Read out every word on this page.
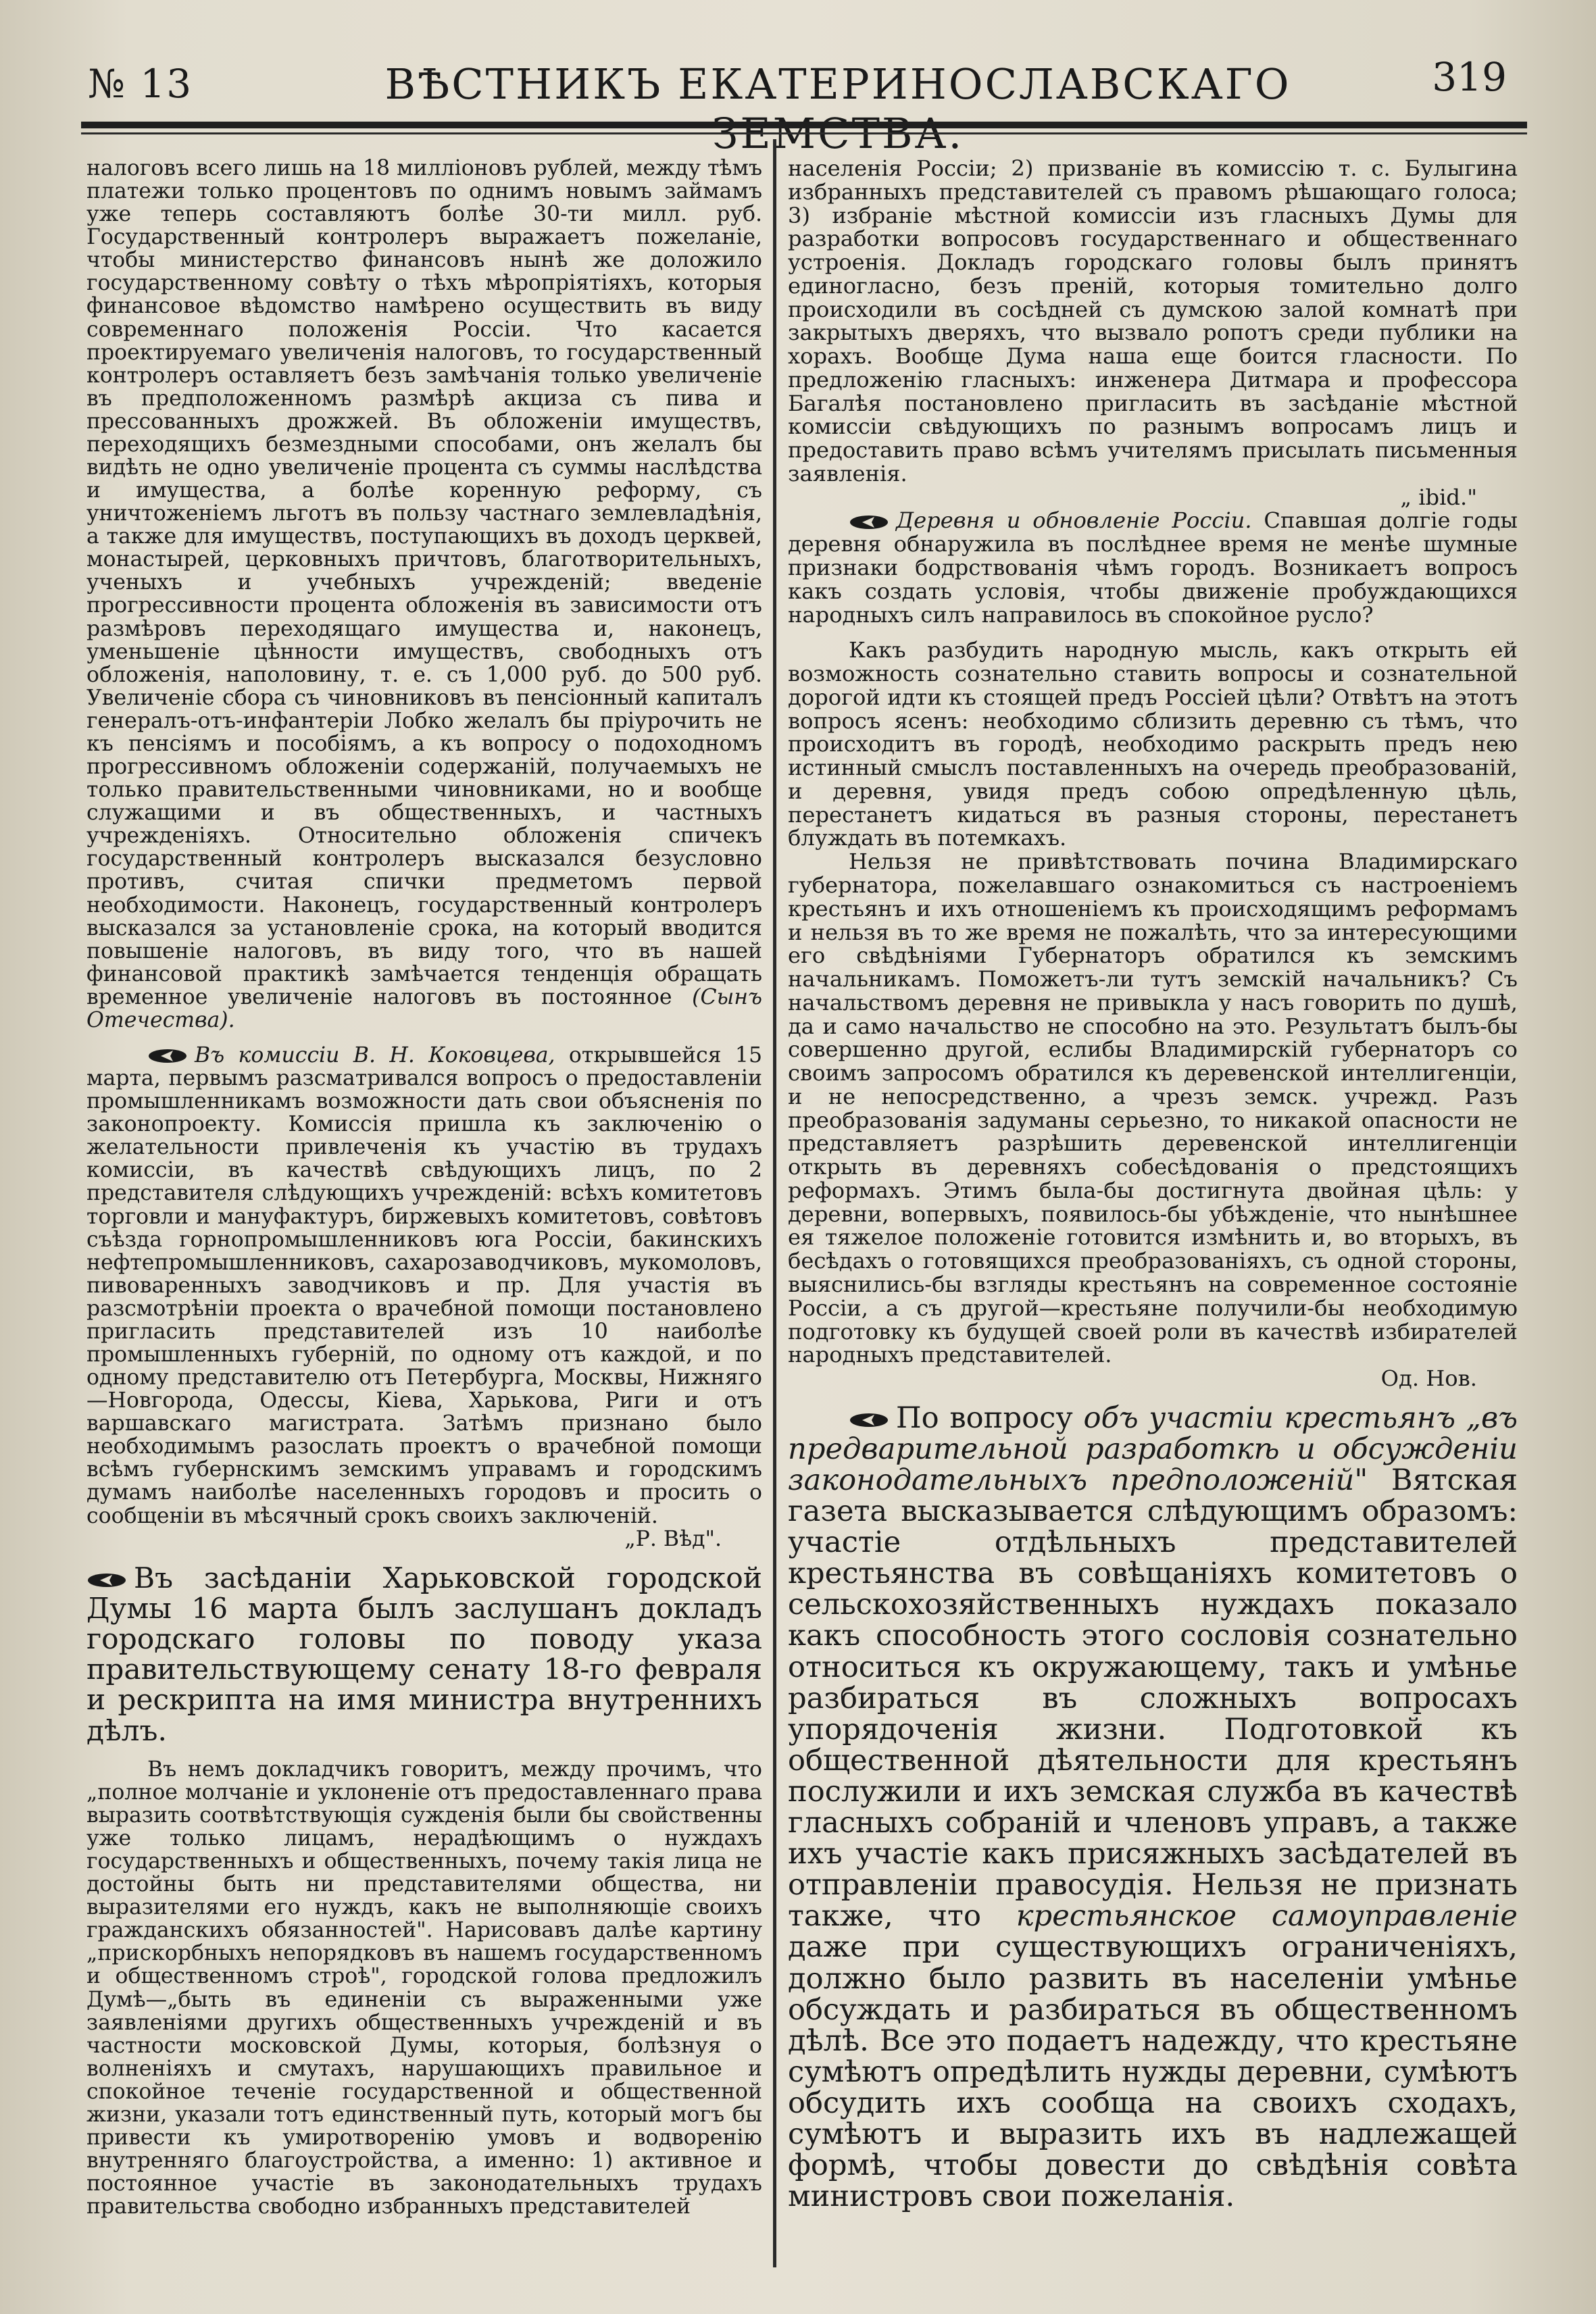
№ 13	ВѢСТНИКЪ ЕКАТЕРИНОСЛАВСКАГО	319

налоговъ всего лишь на 18 милліоновъ рублей, между тѣмъ платежи только процентовъ по однимъ новымъ займамъ уже теперь составляютъ болѣе 30-ти милл. руб. Государственный контролеръ выражаетъ пожеланіе, чтобы министерство финансовъ нынѣ же доложило государственному совѣту о тѣхъ мѣропріятіяхъ, которыя финансовое вѣдомство намѣрено осуществить въ виду современнаго положенія Россіи. Что касается проектируемаго увеличенія налоговъ, то государственный контролеръ оставляетъ безъ замѣчанія только увеличеніе въ предположенномъ размѣрѣ акциза съ пива и прессованныхъ дрожжей. Въ обложеніи имуществъ, переходящихъ безмездными способами, онъ желалъ бы видѣть не одно увеличеніе процента съ суммы наслѣдства и имущества, а болѣе коренную реформу, съ уничтоженіемъ льготъ въ пользу частнаго землевладѣнія, а также для имуществъ, поступающихъ въ доходъ церквей, монастырей, церковныхъ причтовъ, благотворительныхъ, ученыхъ и учебныхъ учрежденій; введеніе прогрессивности процента обложенія въ зависимости отъ размѣровъ переходящаго имущества и, наконецъ, уменьшеніе цѣнности имуществъ, свободныхъ отъ обложенія, наполовину, т. е. съ 1,000 руб. до 500 руб. Увеличеніе сбора съ чиновниковъ въ пенсіонный капиталъ генералъ-отъ-инфантеріи Лобко желалъ бы пріурочить не къ пенсіямъ и пособіямъ, а къ вопросу о подоходномъ прогрессивномъ обложеніи содержаній, получаемыхъ не только правительственными чиновниками, но и вообще служащими и въ общественныхъ, и частныхъ учрежденіяхъ. Относительно обложенія спичекъ государственный контролеръ высказался безусловно противъ, считая спички предметомъ первой необходимости. Наконецъ, государственный контролеръ высказался за установленіе срока, на который вводится повышеніе налоговъ, въ виду того, что въ нашей финансовой практикѣ замѣчается тенденція обращать временное увеличеніе налоговъ въ постоянное (Сынъ Отечества).

Въ комиссіи В. Н. Коковцева, открывшейся 15 марта, первымъ разсматривался вопросъ о предоставленіи промышленникамъ возможности дать свои объясненія по законопроекту. Комиссія пришла къ заключенію о желательности привлеченія къ участію въ трудахъ комиссіи, въ качествѣ свѣдующихъ лицъ, по 2 представителя слѣдующихъ учрежденій: всѣхъ комитетовъ торговли и мануфактуръ, биржевыхъ комитетовъ, совѣтовъ съѣзда горнопромышленниковъ юга Россіи, бакинскихъ нефтепромышленниковъ, сахарозаводчиковъ, мукомоловъ, пивоваренныхъ заводчиковъ и пр. Для участія въ разсмотрѣніи проекта о врачебной помощи постановлено пригласить представителей изъ 10 наиболѣе промышленныхъ губерній, по одному отъ каждой, и по одному представителю отъ Петербурга, Москвы, Нижняго—Новгорода, Одессы, Кіева, Харькова, Риги и отъ варшавскаго магистрата. Затѣмъ признано было необходимымъ разослать проектъ о врачебной помощи всѣмъ губернскимъ земскимъ управамъ и городскимъ думамъ наиболѣе населенныхъ городовъ и просить о сообщеніи въ мѣсячный срокъ своихъ заключеній.

„Р. Вѣд".

Въ засѣданіи Харьковской городской Думы 16 марта былъ заслушанъ докладъ городскаго головы по поводу указа правительствующему сенату 18-го февраля и рескрипта на имя министра внутреннихъ дѣлъ.

Въ немъ докладчикъ говоритъ, между прочимъ, что „полное молчаніе и уклоненіе отъ предоставленнаго права выразить соотвѣтствующія сужденія были бы свойственны уже только лицамъ, нерадѣющимъ о нуждахъ государственныхъ и общественныхъ, почему такія лица не достойны быть ни представителями общества, ни выразителями его нуждъ, какъ не выполняющіе своихъ гражданскихъ обязанностей". Нарисовавъ далѣе картину „прискорбныхъ непорядковъ въ нашемъ государственномъ и общественномъ строѣ", городской голова предложилъ Думѣ—„быть въ единеніи съ выраженными уже заявленіями другихъ общественныхъ учрежденій и въ частности московской Думы, которыя, болѣзнуя о волненіяхъ и смутахъ, нарушающихъ правильное и спокойное теченіе государственной и общественной жизни, указали тотъ единственный путь, который могъ бы привести къ умиротворенію умовъ и водворенію внутренняго благоустройства, а именно: 1) активное и постоянное участіе въ законодательныхъ трудахъ правительства свободно избранныхъ представителей

населенія Россіи; 2) призваніе въ комиссію т. с. Булыгина избранныхъ представителей съ правомъ рѣшающаго голоса; 3) избраніе мѣстной комиссіи изъ гласныхъ Думы для разработки вопросовъ государственнаго и общественнаго устроенія. Докладъ городскаго головы былъ принятъ единогласно, безъ преній, которыя томительно долго происходили въ сосѣдней съ думскою залой комнатѣ при закрытыхъ дверяхъ, что вызвало ропотъ среди публики на хорахъ. Вообще Дума наша еще боится гласности. По предложенію гласныхъ: инженера Дитмара и профессора Багалѣя постановлено пригласить въ засѣданіе мѣстной комиссіи свѣдующихъ по разнымъ вопросамъ лицъ и предоставить право всѣмъ учителямъ присылать письменныя заявленія.

„ ibid."

Деревня и обновленіе Россіи. Спавшая долгіе годы деревня обнаружила въ послѣднее время не менѣе шумные признаки бодрствованія чѣмъ городъ. Возникаетъ вопросъ какъ создать условія, чтобы движеніе пробуждающихся народныхъ силъ направилось въ спокойное русло?

Какъ разбудить народную мысль, какъ открыть ей возможность сознательно ставить вопросы и сознательной дорогой идти къ стоящей предъ Россіей цѣли? Отвѣтъ на этотъ вопросъ ясенъ: необходимо сблизить деревню съ тѣмъ, что происходитъ въ городѣ, необходимо раскрыть предъ нею истинный смыслъ поставленныхъ на очередь преобразованій, и деревня, увидя предъ собою опредѣленную цѣль, перестанетъ кидаться въ разныя стороны, перестанетъ блуждать въ потемкахъ.

Нельзя не привѣтствовать почина Владимирскаго губернатора, пожелавшаго ознакомиться съ настроеніемъ крестьянъ и ихъ отношеніемъ къ происходящимъ реформамъ и нельзя въ то же время не пожалѣть, что за интересующими его свѣдѣніями Губернаторъ обратился къ земскимъ начальникамъ. Поможетъ-ли тутъ земскій начальникъ? Съ начальствомъ деревня не привыкла у насъ говорить по душѣ, да и само начальство не способно на это. Результатъ былъ-бы совершенно другой, еслибы Владимирскій губернаторъ со своимъ запросомъ обратился къ деревенской интеллигенціи, и не непосредственно, а чрезъ земск. учрежд. Разъ преобразованія задуманы серьезно, то никакой опасности не представляетъ разрѣшить деревенской интеллигенціи открыть въ деревняхъ собесѣдованія о предстоящихъ реформахъ. Этимъ была-бы достигнута двойная цѣль: у деревни, вопервыхъ, появилось-бы убѣжденіе, что нынѣшнее ея тяжелое положеніе готовится измѣнить и, во вторыхъ, въ бесѣдахъ о готовящихся преобразованіяхъ, съ одной стороны, выяснились-бы взгляды крестьянъ на современное состояніе Россіи, а съ другой—крестьяне получили-бы необходимую подготовку къ будущей своей роли въ качествѣ избирателей народныхъ представителей.

Од. Нов.

По вопросу объ участіи крестьянъ „въ предварительной разработкѣ и обсужденіи законодательныхъ предположеній" Вятская газета высказывается слѣдующимъ образомъ: участіе отдѣльныхъ представителей крестьянства въ совѣщаніяхъ комитетовъ о сельскохозяйственныхъ нуждахъ показало какъ способность этого сословія сознательно относиться къ окружающему, такъ и умѣнье разбираться въ сложныхъ вопросахъ упорядоченія жизни. Подготовкой къ общественной дѣятельности для крестьянъ послужили и ихъ земская служба въ качествѣ гласныхъ собраній и членовъ управъ, а также ихъ участіе какъ присяжныхъ засѣдателей въ отправленіи правосудія. Нельзя не признать также, что крестьянское самоуправленіе даже при существующихъ ограниченіяхъ, должно было развить въ населеніи умѣнье обсуждать и разбираться въ общественномъ дѣлѣ. Все это подаетъ надежду, что крестьяне сумѣютъ опредѣлить нужды деревни, сумѣютъ обсудить ихъ сообща на своихъ сходахъ, сумѣютъ и выразить ихъ въ надлежащей формѣ, чтобы довести до свѣдѣнія совѣта министровъ свои пожеланія.
